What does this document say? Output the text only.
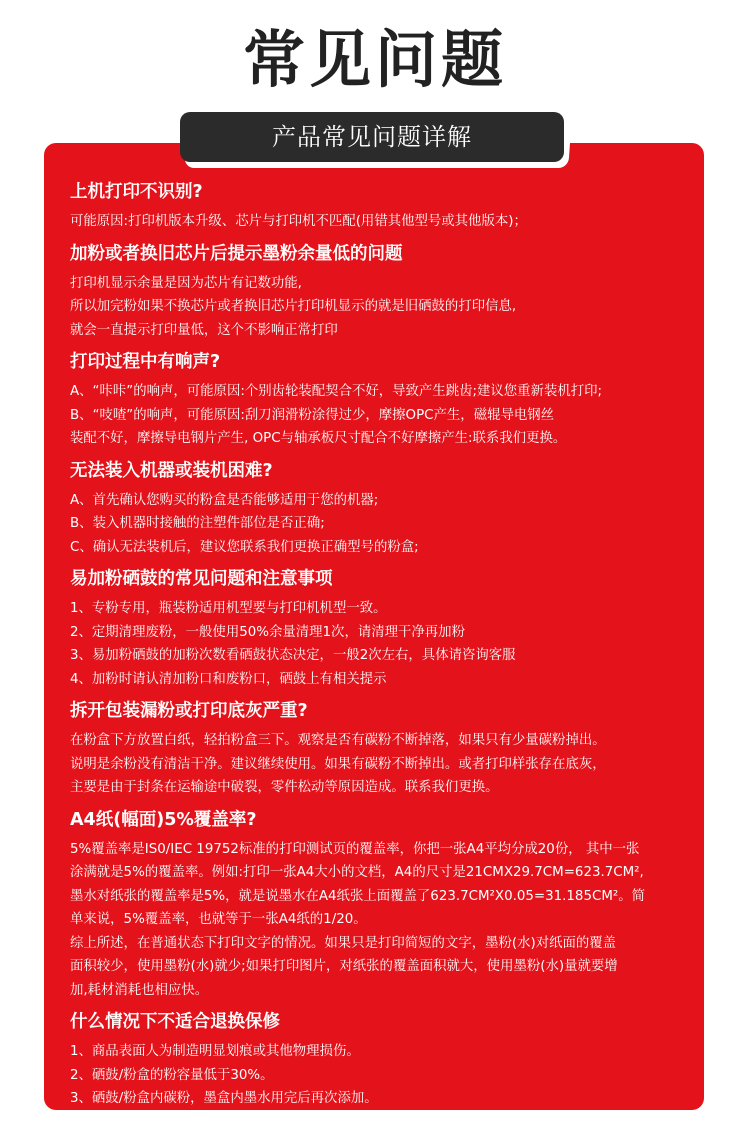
常见问题
产品常见问题详解
上机打印不识别?
可能原因:打印机版本升级、芯片与打印机不匹配(用错其他型号或其他版本)；
加粉或者换旧芯片后提示墨粉余量低的问题
打印机显示余量是因为芯片有记数功能,
所以加完粉如果不换芯片或者换旧芯片打印机显示的就是旧硒鼓的打印信息,
就会一直提示打印量低，这个不影响正常打印
打印过程中有响声?
A、“咔咔”的响声，可能原因:个别齿轮装配契合不好，导致产生跳齿;建议您重新装机打印;
B、“吱喳”的响声，可能原因:刮刀润滑粉涂得过少，摩擦OPC产生，磁辊导电钢丝
装配不好，摩擦导电钢片产生, OPC与轴承板尺寸配合不好摩擦产生:联系我们更换。
无法装入机器或装机困难?
A、首先确认您购买的粉盒是否能够适用于您的机器;
B、装入机器时接触的注塑件部位是否正确;
C、确认无法装机后，建议您联系我们更换正确型号的粉盒;
易加粉硒鼓的常见问题和注意事项
1、专粉专用，瓶装粉适用机型要与打印机机型一致。
2、定期清理废粉，一般使用50%余量清理1次，请清理干净再加粉
3、易加粉硒鼓的加粉次数看硒鼓状态决定，一般2次左右，具体请咨询客服
4、加粉时请认清加粉口和废粉口，硒鼓上有相关提示
拆开包装漏粉或打印底灰严重?
在粉盒下方放置白纸，轻拍粉盒三下。观察是否有碳粉不断掉落，如果只有少量碳粉掉出。
说明是余粉没有清洁干净。建议继续使用。如果有碳粉不断掉出。或者打印样张存在底灰，
主要是由于封条在运输途中破裂，零件松动等原因造成。联系我们更换。
A4纸(幅面)5%覆盖率?
5%覆盖率是IS0/IEC 19752标准的打印测试页的覆盖率，你把一张A4平均分成20份， 其中一张
涂满就是5%的覆盖率。例如:打印一张A4大小的文档，A4的尺寸是21CMX29.7CM=623.7CM²,
墨水对纸张的覆盖率是5%，就是说墨水在A4纸张上面覆盖了623.7CM²X0.05=31.185CM²。简
单来说，5%覆盖率，也就等于一张A4纸的1/20。
综上所述，在普通状态下打印文字的情况。如果只是打印简短的文字，墨粉(水)对纸面的覆盖
面积较少，使用墨粉(水)就少;如果打印图片，对纸张的覆盖面积就大，使用墨粉(水)量就要增
加,耗材消耗也相应快。
什么情况下不适合退换保修
1、商品表面人为制造明显划痕或其他物理损伤。
2、硒鼓/粉盒的粉容量低于30%。
3、硒鼓/粉盒内碳粉，墨盒内墨水用完后再次添加。
4、非本公司的产品不予退换。
